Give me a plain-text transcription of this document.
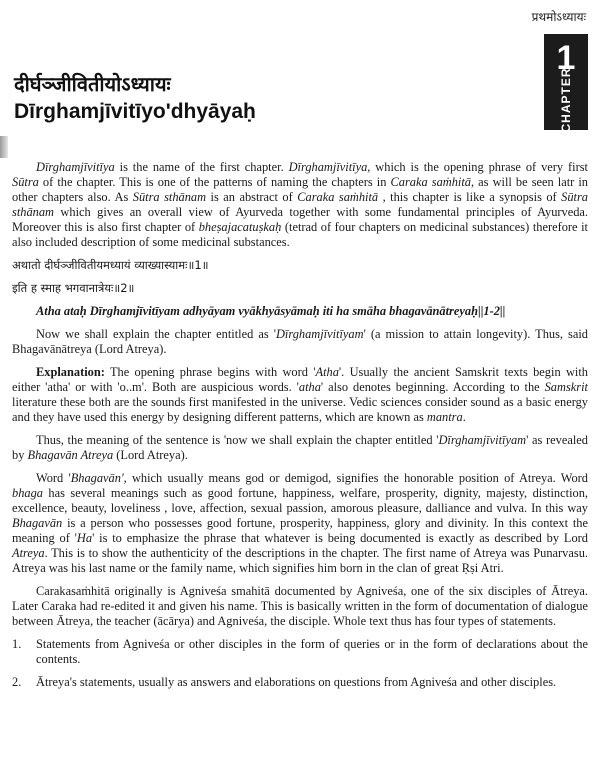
प्रथमोऽध्यायः
1
CHAPTER
दीर्घञ्जीवितीयोऽध्यायः
Dīrghamjīvitīyo'dhyāyaḥ

Dīrghamjīvitīya is the name of the first chapter. Dīrghamjīvitīya, which is the opening phrase of very first Sūtra of the chapter. This is one of the patterns of naming the chapters in Caraka saṁhitā, as will be seen latr in other chapters also. As Sūtra sthānam is an abstract of Caraka saṁhitā , this chapter is like a synopsis of Sūtra sthānam which gives an overall view of Ayurveda together with some fundamental principles of Ayurveda. Moreover this is also first chapter of bheṣajacatuṣkaḥ (tetrad of four chapters on medicinal substances) therefore it also included description of some medicinal substances.

अथातो दीर्घञ्जीवितीयमध्यायं व्याख्यास्यामः॥1॥

इति ह स्माह भगवानात्रेयः॥2॥

Atha ataḥ Dīrghamjīvitīyam adhyāyam vyākhyāsyāmaḥ iti ha smāha bhagavānātreyaḥ||1-2||

Now we shall explain the chapter entitled as 'Dīrghamjīvitīyam' (a mission to attain longevity). Thus, said Bhagavānātreya (Lord Atreya).

Explanation: The opening phrase begins with word 'Atha'. Usually the ancient Samskrit texts begin with either 'atha' or with 'o..m'. Both are auspicious words. 'atha' also denotes beginning. According to the Samskrit literature these both are the sounds first manifested in the universe. Vedic sciences consider sound as a basic energy and they have used this energy by designing different patterns, which are known as mantra.

Thus, the meaning of the sentence is 'now we shall explain the chapter entitled 'Dīrghamjīvitīyam' as revealed by Bhagavān Atreya (Lord Atreya).

Word 'Bhagavān', which usually means god or demigod, signifies the honorable position of Atreya. Word bhaga has several meanings such as good fortune, happiness, welfare, prosperity, dignity, majesty, distinction, excellence, beauty, loveliness , love, affection, sexual passion, amorous pleasure, dalliance and vulva. In this way Bhagavān is a person who possesses good fortune, prosperity, happiness, glory and divinity. In this context the meaning of 'Ha' is to emphasize the phrase that whatever is being documented is exactly as described by Lord Atreya. This is to show the authenticity of the descriptions in the chapter. The first name of Atreya was Punarvasu. Atreya was his last name or the family name, which signifies him born in the clan of great Ṛṣi Atri.

Carakasaṁhitā originally is Agniveśa smahitā documented by Agniveśa, one of the six disciples of Ātreya. Later Caraka had re-edited it and given his name. This is basically written in the form of documentation of dialogue between Ātreya, the teacher (ācārya) and Agniveśa, the disciple. Whole text thus has four types of statements.

1.	Statements from Agniveśa or other disciples in the form of queries or in the form of declarations about the contents.
2.	Ātreya's statements, usually as answers and elaborations on questions from Agniveśa and other disciples.
